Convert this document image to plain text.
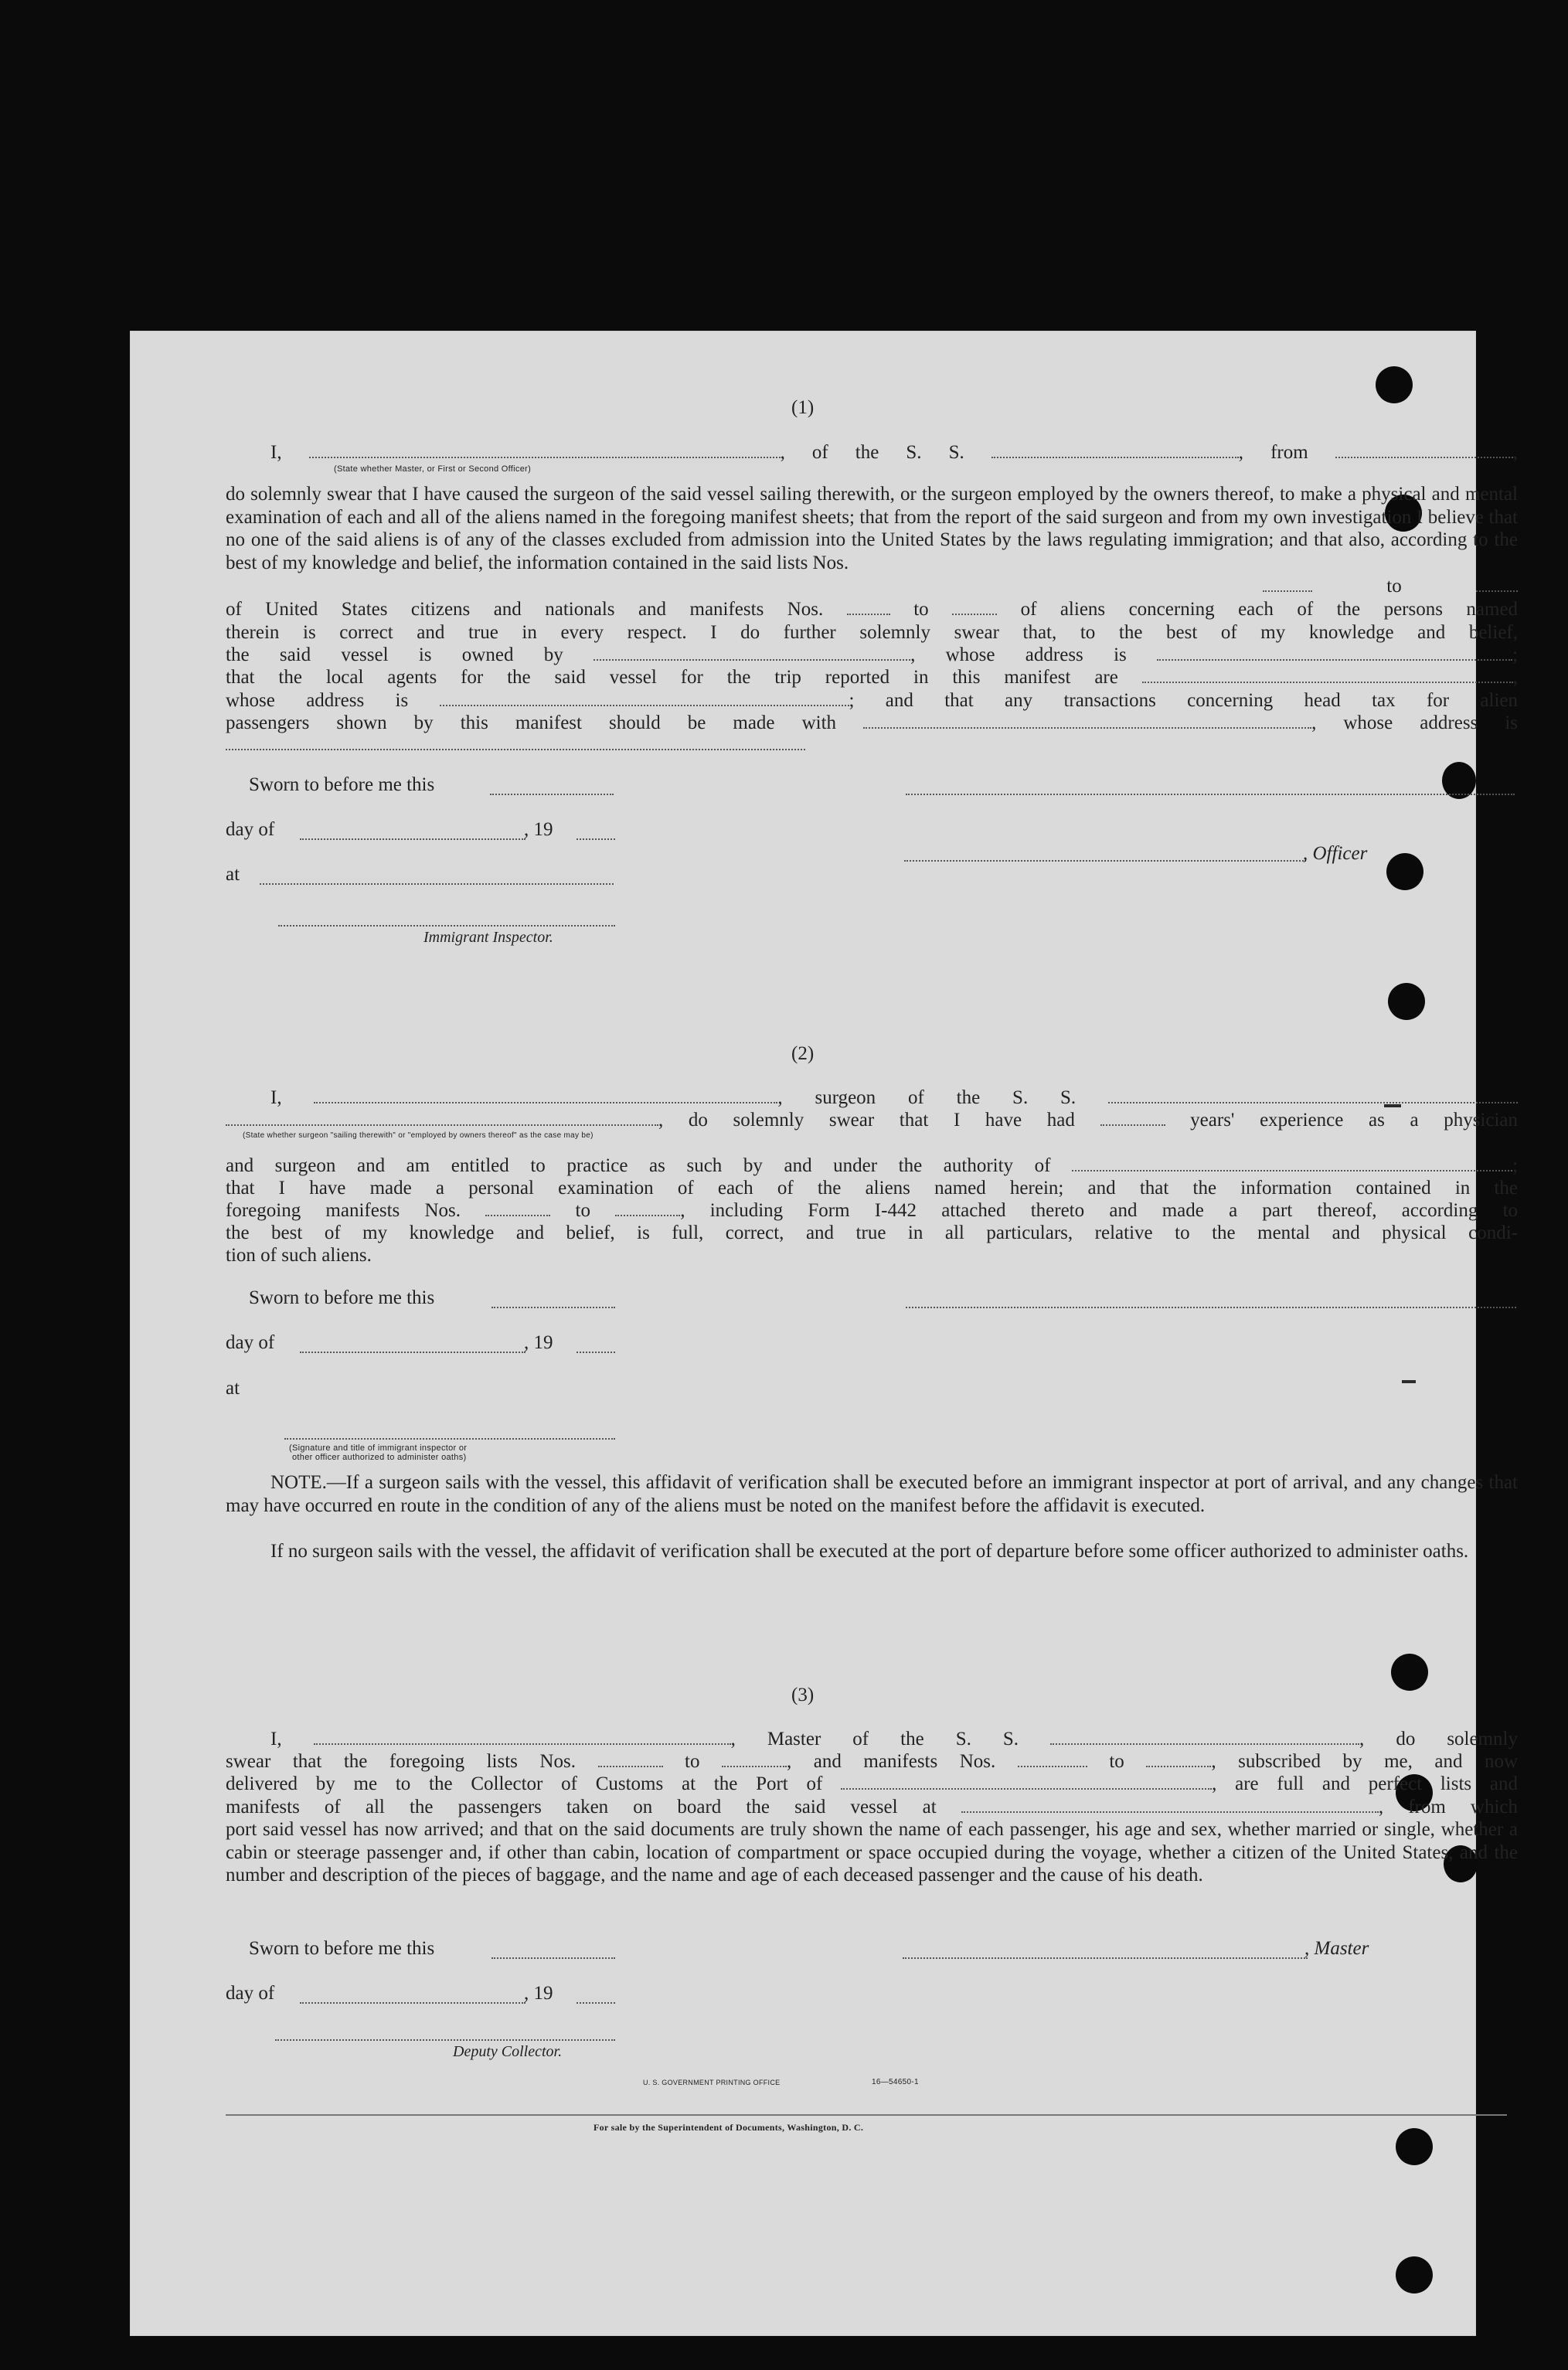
(1)
I,	, of the S. S.	, from	,
(State whether Master, or First or Second Officer)
do solemnly swear that I have caused the surgeon of the said vessel sailing therewith, or the surgeon employed by the owners thereof, to make a physical and mental examination of each and all of the aliens named in the foregoing manifest sheets; that from the report of the said surgeon and from my own investigation I believe that no one of the said aliens is of any of the classes excluded from admission into the United States by the laws regulating immigration; and that also, according to the best of my knowledge and belief, the information contained in the said lists Nos.
to
of United States citizens and nationals and manifests Nos.	to	of aliens concerning each of the persons named
therein is correct and true in every respect. I do further solemnly swear that, to the best of my knowledge and belief,
the said vessel is owned by	, whose address is	;
that the local agents for the said vessel for the trip reported in this manifest are	,
whose address is	; and that any transactions concerning head tax for alien
passengers shown by this manifest should be made with	, whose address is
Sworn to before me this
day of	, 19
, Officer
at
Immigrant Inspector.
(2)
I,	, surgeon of the S. S.
, do solemnly swear that I have had	years' experience as a physician
(State whether surgeon "sailing therewith" or "employed by owners thereof" as the case may be)
and surgeon and am entitled to practice as such by and under the authority of	;
that I have made a personal examination of each of the aliens named herein; and that the information contained in the
foregoing manifests Nos.	to	, including Form I-442 attached thereto and made a part thereof, according to
the best of my knowledge and belief, is full, correct, and true in all particulars, relative to the mental and physical condi-
tion of such aliens.
Sworn to before me this
day of	, 19
at
(Signature and title of immigrant inspector or
other officer authorized to administer oaths)
NOTE.—If a surgeon sails with the vessel, this affidavit of verification shall be executed before an immigrant inspector at port of arrival, and any changes that may have occurred en route in the condition of any of the aliens must be noted on the manifest before the affidavit is executed.
If no surgeon sails with the vessel, the affidavit of verification shall be executed at the port of departure before some officer authorized to administer oaths.
(3)
I,	, Master of the S. S.	, do solemnly
swear that the foregoing lists Nos.	to	, and manifests Nos.	to	, subscribed by me, and now
delivered by me to the Collector of Customs at the Port of	, are full and perfect lists and
manifests of all the passengers taken on board the said vessel at	, from which
port said vessel has now arrived; and that on the said documents are truly shown the name of each passenger, his age and sex, whether married or single, whether a cabin or steerage passenger and, if other than cabin, location of compartment or space occupied during the voyage, whether a citizen of the United States, and the number and description of the pieces of baggage, and the name and age of each deceased passenger and the cause of his death.
Sworn to before me this	, Master
day of	, 19
Deputy Collector.
U. S. GOVERNMENT PRINTING OFFICE	16—54650-1
For sale by the Superintendent of Documents, Washington, D. C.
